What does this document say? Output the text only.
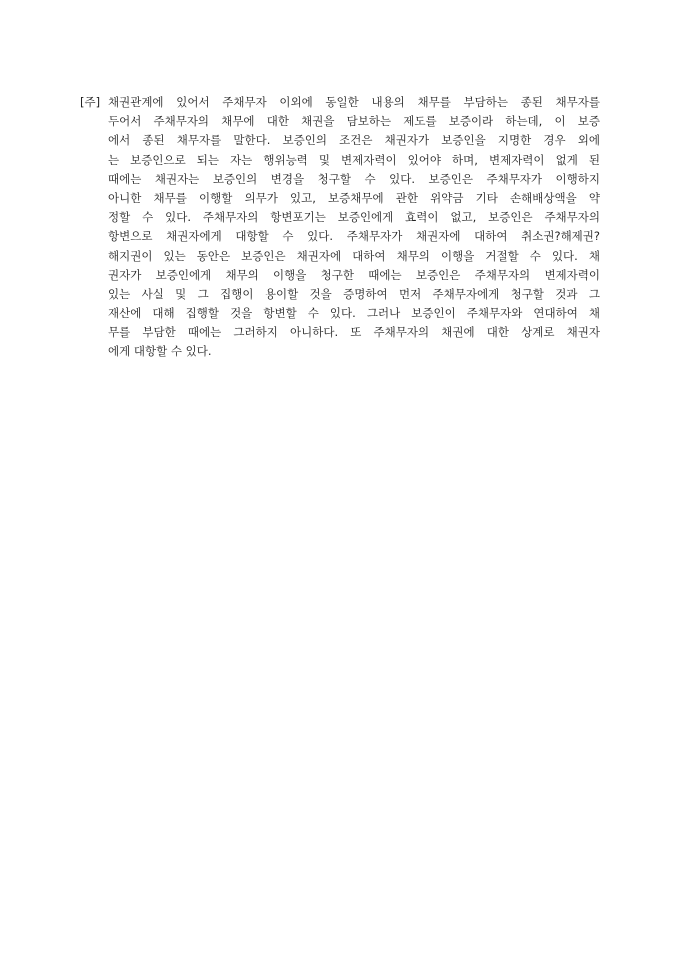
[주] 채권관계에 있어서 주채무자 이외에 동일한 내용의 채무를 부담하는 종된 채무자를
두어서 주채무자의 채무에 대한 채권을 담보하는 제도를 보증이라 하는데, 이 보증
에서 종된 채무자를 말한다. 보증인의 조건은 채권자가 보증인을 지명한 경우 외에
는 보증인으로 되는 자는 행위능력 및 변제자력이 있어야 하며, 변제자력이 없게 된
때에는 채권자는 보증인의 변경을 청구할 수 있다. 보증인은 주채무자가 이행하지
아니한 채무를 이행할 의무가 있고, 보증채무에 관한 위약금 기타 손해배상액을 약
정할 수 있다. 주채무자의 항변포기는 보증인에게 효력이 없고, 보증인은 주채무자의
항변으로 채권자에게 대항할 수 있다. 주채무자가 채권자에 대하여 취소권?해제권?
해지권이 있는 동안은 보증인은 채권자에 대하여 채무의 이행을 거절할 수 있다. 채
권자가 보증인에게 채무의 이행을 청구한 때에는 보증인은 주채무자의 변제자력이
있는 사실 및 그 집행이 용이할 것을 증명하여 먼저 주채무자에게 청구할 것과 그
재산에 대해 집행할 것을 항변할 수 있다. 그러나 보증인이 주채무자와 연대하여 채
무를 부담한 때에는 그러하지 아니하다. 또 주채무자의 채권에 대한 상계로 채권자
에게 대항할 수 있다.
